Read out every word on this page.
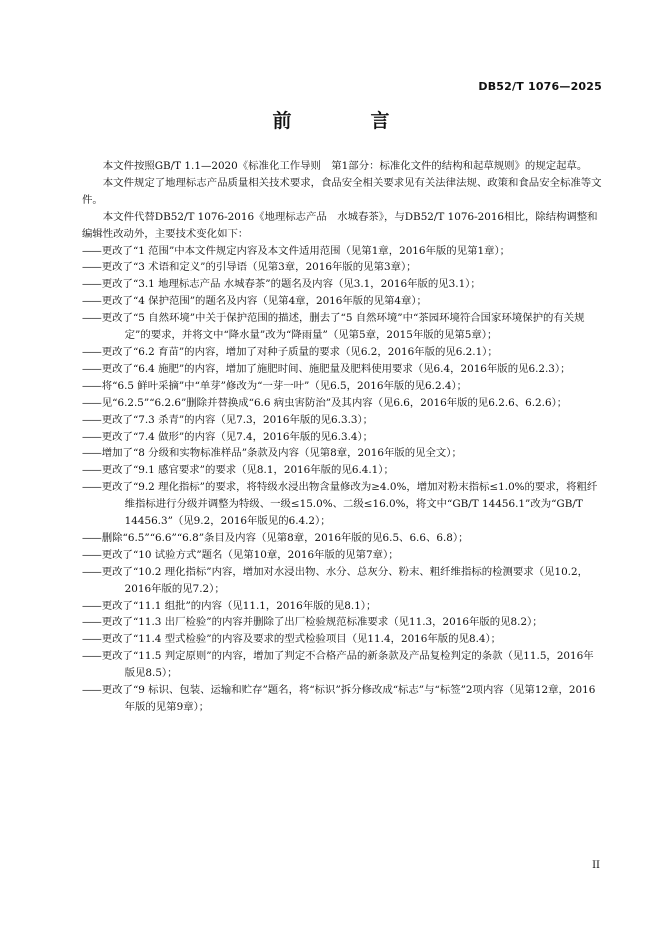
DB52/T 1076—2025
前　言

本文件按照GB/T 1.1—2020《标准化工作导则　第1部分：标准化文件的结构和起草规则》的规定起草。

本文件规定了地理标志产品质量相关技术要求，食品安全相关要求见有关法律法规、政策和食品安全标准等文件。

本文件代替DB52/T 1076-2016《地理标志产品　水城春茶》，与DB52/T 1076-2016相比，除结构调整和编辑性改动外，主要技术变化如下：

——更改了“1 范围”中本文件规定内容及本文件适用范围（见第1章，2016年版的见第1章）；

——更改了“3 术语和定义”的引导语（见第3章，2016年版的见第3章）；

——更改了“3.1 地理标志产品 水城春茶”的题名及内容（见3.1，2016年版的见3.1）；

——更改了“4 保护范围”的题名及内容（见第4章，2016年版的见第4章）；

——更改了“5 自然环境”中关于保护范围的描述，删去了“5 自然环境”中“茶园环境符合国家环境保护的有关规定”的要求，并将文中“降水量”改为“降雨量”（见第5章，2015年版的见第5章）；

——更改了“6.2 育苗”的内容，增加了对种子质量的要求（见6.2，2016年版的见6.2.1）；

——更改了“6.4 施肥”的内容，增加了施肥时间、施肥量及肥料使用要求（见6.4，2016年版的见6.2.3）；

——将“6.5 鲜叶采摘”中“单芽”修改为“一芽一叶”（见6.5，2016年版的见6.2.4）；

——见“6.2.5”“6.2.6”删除并替换成“6.6 病虫害防治”及其内容（见6.6，2016年版的见6.2.6、6.2.6）；

——更改了“7.3 杀青”的内容（见7.3，2016年版的见6.3.3）；

——更改了“7.4 做形”的内容（见7.4，2016年版的见6.3.4）；

——增加了“8 分级和实物标准样品”条款及内容（见第8章，2016年版的见全文）；

——更改了“9.1 感官要求”的要求（见8.1，2016年版的见6.4.1）；

——更改了“9.2 理化指标”的要求，将特级水浸出物含量修改为≥4.0%，增加对粉末指标≤1.0%的要求，将粗纤维指标进行分级并调整为特级、一级≤15.0%、二级≤16.0%，将文中“GB/T 14456.1”改为“GB/T 14456.3”（见9.2，2016年版见的6.4.2）；

——删除“6.5”“6.6”“6.8”条目及内容（见第8章，2016年版的见6.5、6.6、6.8）；

——更改了“10 试验方式”题名（见第10章，2016年版的见第7章）；

——更改了“10.2 理化指标”内容，增加对水浸出物、水分、总灰分、粉末、粗纤维指标的检测要求（见10.2，2016年版的见7.2）；

——更改了“11.1 组批”的内容（见11.1，2016年版的见8.1）；

——更改了“11.3 出厂检验”的内容并删除了出厂检验规范标准要求（见11.3，2016年版的见8.2）；

——更改了“11.4 型式检验”的内容及要求的型式检验项目（见11.4，2016年版的见8.4）；

——更改了“11.5 判定原则”的内容，增加了判定不合格产品的新条款及产品复检判定的条款（见11.5，2016年版见8.5）；

——更改了“9 标识、包装、运输和贮存”题名，将“标识”拆分修改成“标志”与“标签”2项内容（见第12章，2016年版的见第9章）；

II
